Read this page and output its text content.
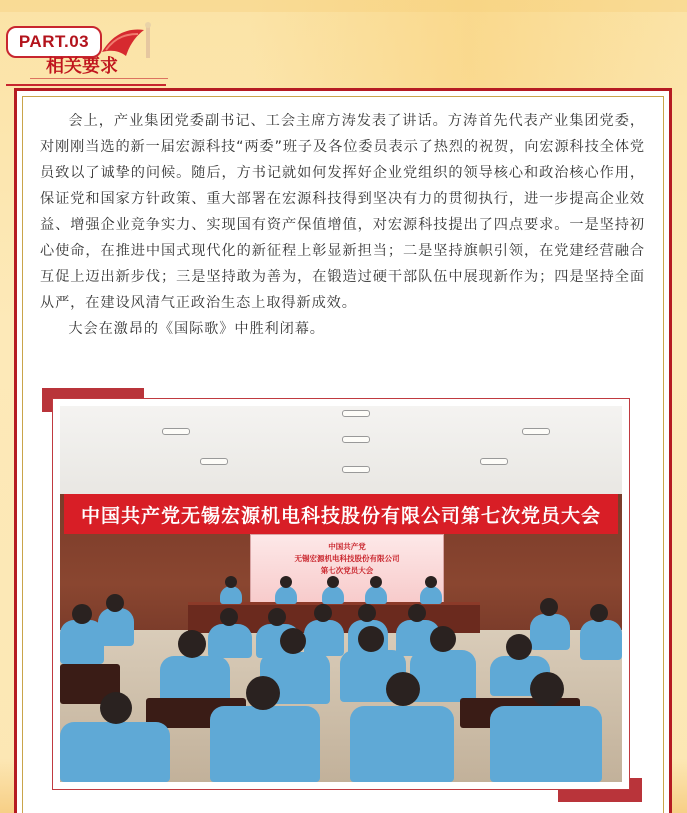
PART.03
相关要求

会上，产业集团党委副书记、工会主席方涛发表了讲话。方涛首先代表产业集团党委，对刚刚当选的新一届宏源科技“两委”班子及各位委员表示了热烈的祝贺，向宏源科技全体党员致以了诚挚的问候。随后，方书记就如何发挥好企业党组织的领导核心和政治核心作用，保证党和国家方针政策、重大部署在宏源科技得到坚决有力的贯彻执行，进一步提高企业效益、增强企业竞争实力、实现国有资产保值增值，对宏源科技提出了四点要求。一是坚持初心使命，在推进中国式现代化的新征程上彰显新担当；二是坚持旗帜引领，在党建经营融合互促上迈出新步伐；三是坚持敢为善为，在锻造过硬干部队伍中展现新作为；四是坚持全面从严，在建设风清气正政治生态上取得新成效。

大会在激昂的《国际歌》中胜利闭幕。

中国共产党无锡宏源机电科技股份有限公司第七次党员大会
中国共产党
无锡宏源机电科技股份有限公司
第七次党员大会
